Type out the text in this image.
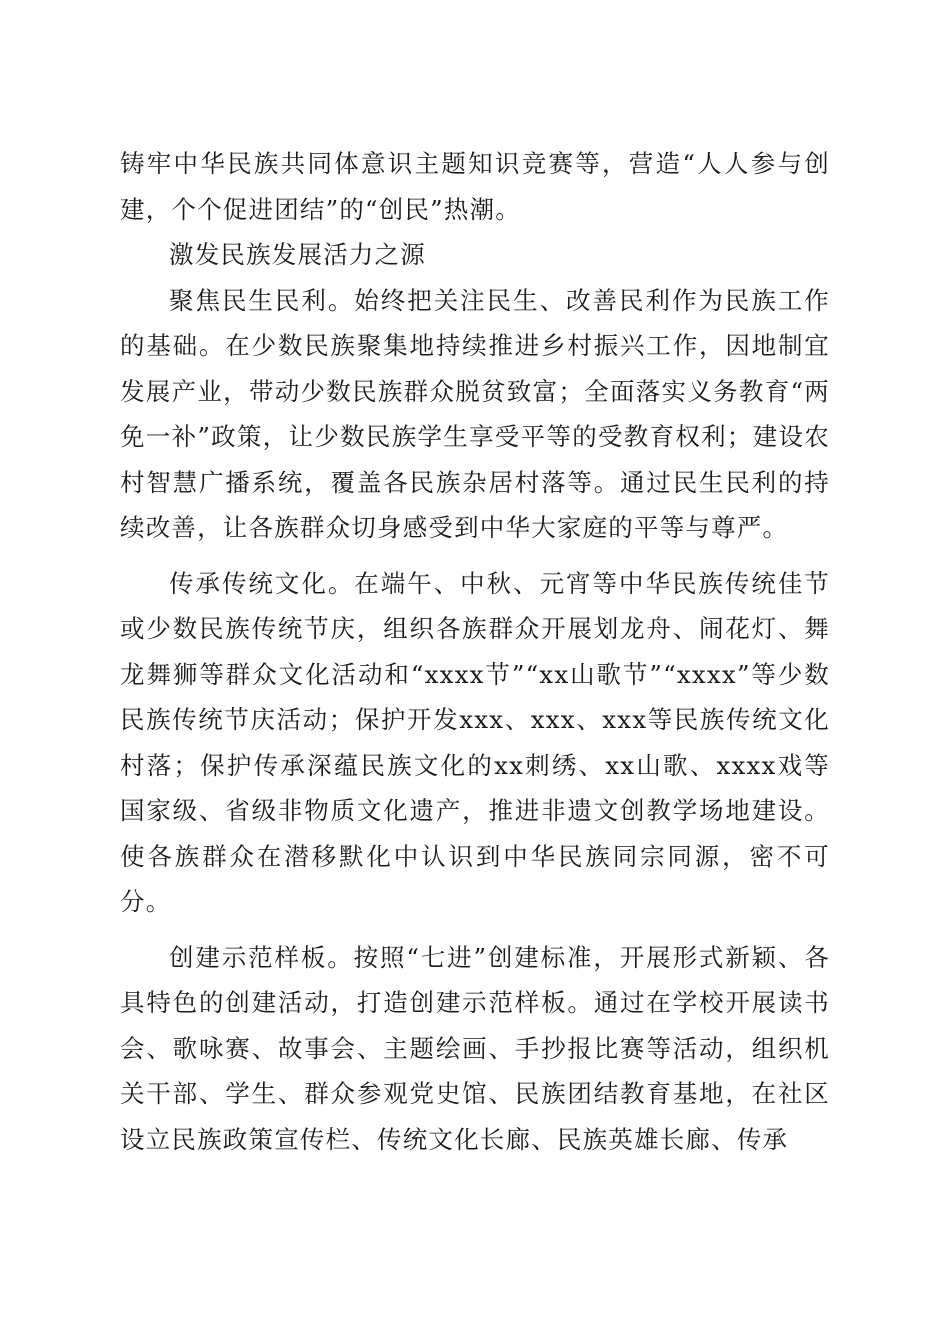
铸牢中华民族共同体意识主题知识竞赛等，营造“人人参与创建，个个促进团结”的“创民”热潮。

激发民族发展活力之源

聚焦民生民利。始终把关注民生、改善民利作为民族工作的基础。在少数民族聚集地持续推进乡村振兴工作，因地制宜发展产业，带动少数民族群众脱贫致富；全面落实义务教育“两免一补”政策，让少数民族学生享受平等的受教育权利；建设农村智慧广播系统，覆盖各民族杂居村落等。通过民生民利的持续改善，让各族群众切身感受到中华大家庭的平等与尊严。

传承传统文化。在端午、中秋、元宵等中华民族传统佳节或少数民族传统节庆，组织各族群众开展划龙舟、闹花灯、舞龙舞狮等群众文化活动和“xxxx节”“xx山歌节”“xxxx”等少数民族传统节庆活动；保护开发xxx、xxx、xxx等民族传统文化村落；保护传承深蕴民族文化的xx刺绣、xx山歌、xxxx戏等国家级、省级非物质文化遗产，推进非遗文创教学场地建设。使各族群众在潜移默化中认识到中华民族同宗同源，密不可分。

创建示范样板。按照“七进”创建标准，开展形式新颖、各具特色的创建活动，打造创建示范样板。通过在学校开展读书会、歌咏赛、故事会、主题绘画、手抄报比赛等活动，组织机关干部、学生、群众参观党史馆、民族团结教育基地，在社区设立民族政策宣传栏、传统文化长廊、民族英雄长廊、传承
